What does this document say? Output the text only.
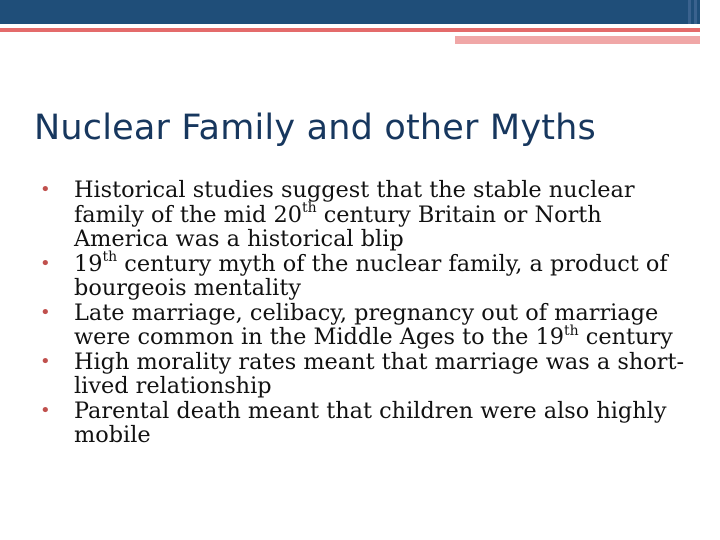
Nuclear Family and other Myths
• Historical studies suggest that the stable nuclear family of the mid 20th century Britain or North America was a historical blip
• 19th century myth of the nuclear family, a product of bourgeois mentality
• Late marriage, celibacy, pregnancy out of marriage were common in the Middle Ages to the 19th century
• High morality rates meant that marriage was a short-lived relationship
• Parental death meant that children were also highly mobile
